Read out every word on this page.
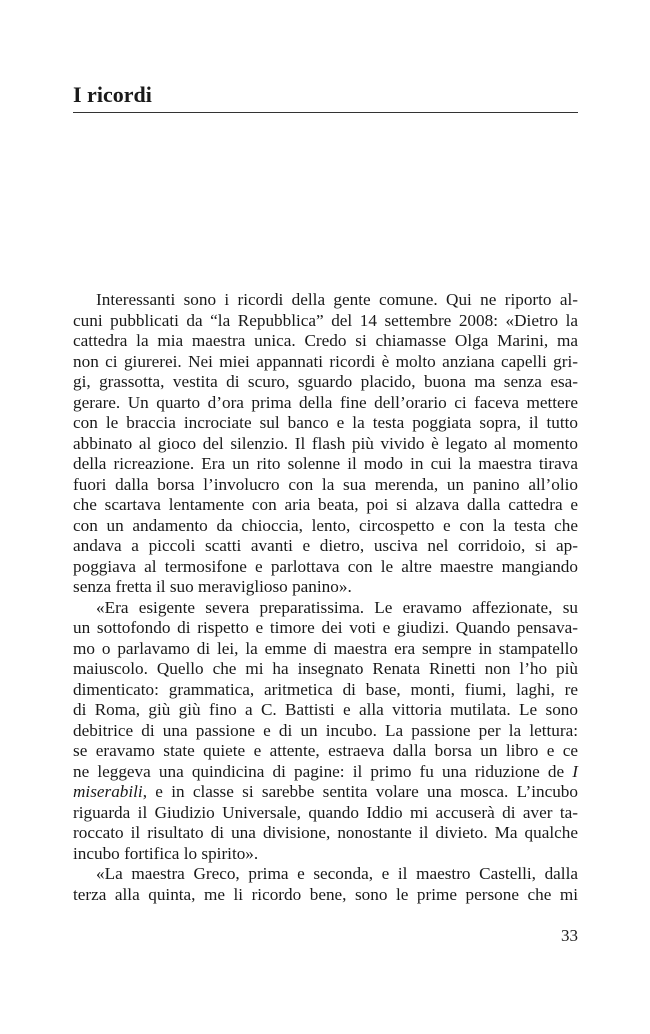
I ricordi
Interessanti sono i ricordi della gente comune. Qui ne riporto al-
cuni pubblicati da “la Repubblica” del 14 settembre 2008: «Dietro la
cattedra la mia maestra unica. Credo si chiamasse Olga Marini, ma
non ci giurerei. Nei miei appannati ricordi è molto anziana capelli gri-
gi, grassotta, vestita di scuro, sguardo placido, buona ma senza esa-
gerare. Un quarto d’ora prima della fine dell’orario ci faceva mettere
con le braccia incrociate sul banco e la testa poggiata sopra, il tutto
abbinato al gioco del silenzio. Il flash più vivido è legato al momento
della ricreazione. Era un rito solenne il modo in cui la maestra tirava
fuori dalla borsa l’involucro con la sua merenda, un panino all’olio
che scartava lentamente con aria beata, poi si alzava dalla cattedra e
con un andamento da chioccia, lento, circospetto e con la testa che
andava a piccoli scatti avanti e dietro, usciva nel corridoio, si ap-
poggiava al termosifone e parlottava con le altre maestre mangiando
senza fretta il suo meraviglioso panino».
«Era esigente severa preparatissima. Le eravamo affezionate, su
un sottofondo di rispetto e timore dei voti e giudizi. Quando pensava-
mo o parlavamo di lei, la emme di maestra era sempre in stampatello
maiuscolo. Quello che mi ha insegnato Renata Rinetti non l’ho più
dimenticato: grammatica, aritmetica di base, monti, fiumi, laghi, re
di Roma, giù giù fino a C. Battisti e alla vittoria mutilata. Le sono
debitrice di una passione e di un incubo. La passione per la lettura:
se eravamo state quiete e attente, estraeva dalla borsa un libro e ce
ne leggeva una quindicina di pagine: il primo fu una riduzione de I
miserabili, e in classe si sarebbe sentita volare una mosca. L’incubo
riguarda il Giudizio Universale, quando Iddio mi accuserà di aver ta-
roccato il risultato di una divisione, nonostante il divieto. Ma qualche
incubo fortifica lo spirito».
«La maestra Greco, prima e seconda, e il maestro Castelli, dalla
terza alla quinta, me li ricordo bene, sono le prime persone che mi
33
